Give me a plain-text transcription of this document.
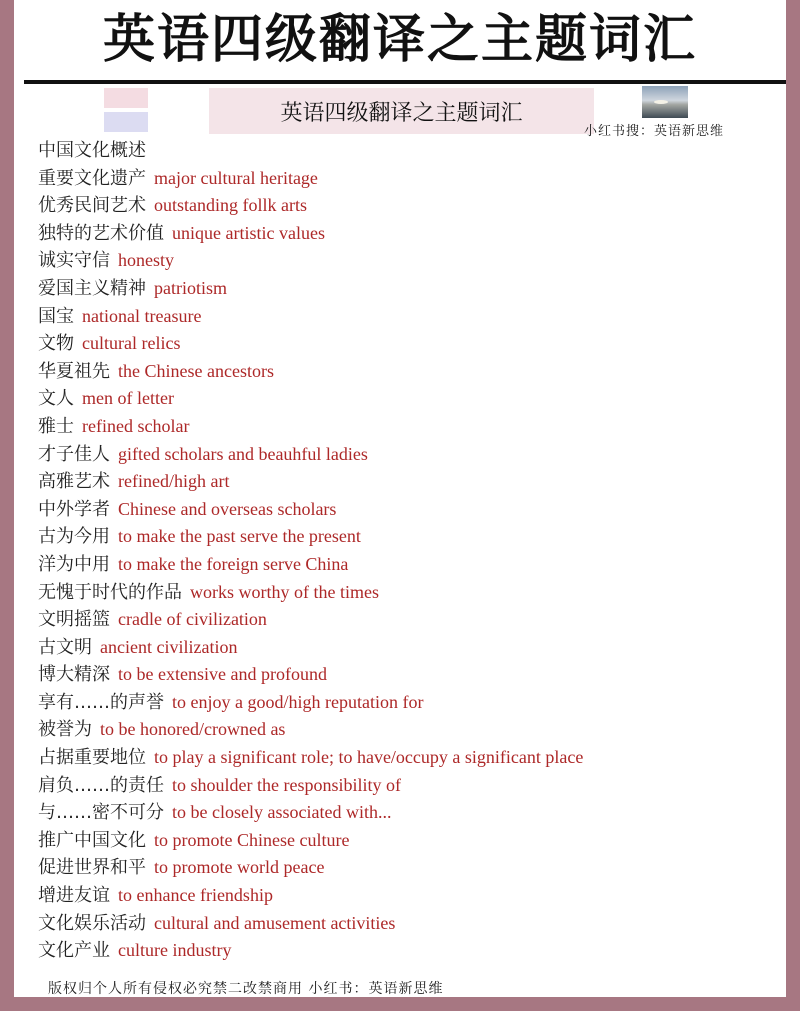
英语四级翻译之主题词汇
英语四级翻译之主题词汇
小红书搜：英语新思维
中国文化概述
重要文化遗产 major cultural heritage
优秀民间艺术 outstanding follk arts
独特的艺术价值 unique artistic values
诚实守信 honesty
爱国主义精神 patriotism
国宝 national treasure
文物 cultural relics
华夏祖先 the Chinese ancestors
文人 men of letter
雅士 refined scholar
才子佳人 gifted scholars and beauhful ladies
高雅艺术 refined/high art
中外学者 Chinese and overseas scholars
古为今用 to make the past serve the present
洋为中用 to make the foreign serve China
无愧于时代的作品 works worthy of the times
文明摇篮 cradle of civilization
古文明 ancient civilization
博大精深 to be extensive and profound
享有……的声誉 to enjoy a good/high reputation for
被誉为 to be honored/crowned as
占据重要地位 to play a significant role; to have/occupy a significant place
肩负……的责任 to shoulder the responsibility of
与……密不可分 to be closely associated with...
推广中国文化 to promote Chinese culture
促进世界和平 to promote world peace
增进友谊 to enhance friendship
文化娱乐活动 cultural and amusement activities
文化产业 culture industry
版权归个人所有侵权必究禁二改禁商用 小红书：英语新思维
